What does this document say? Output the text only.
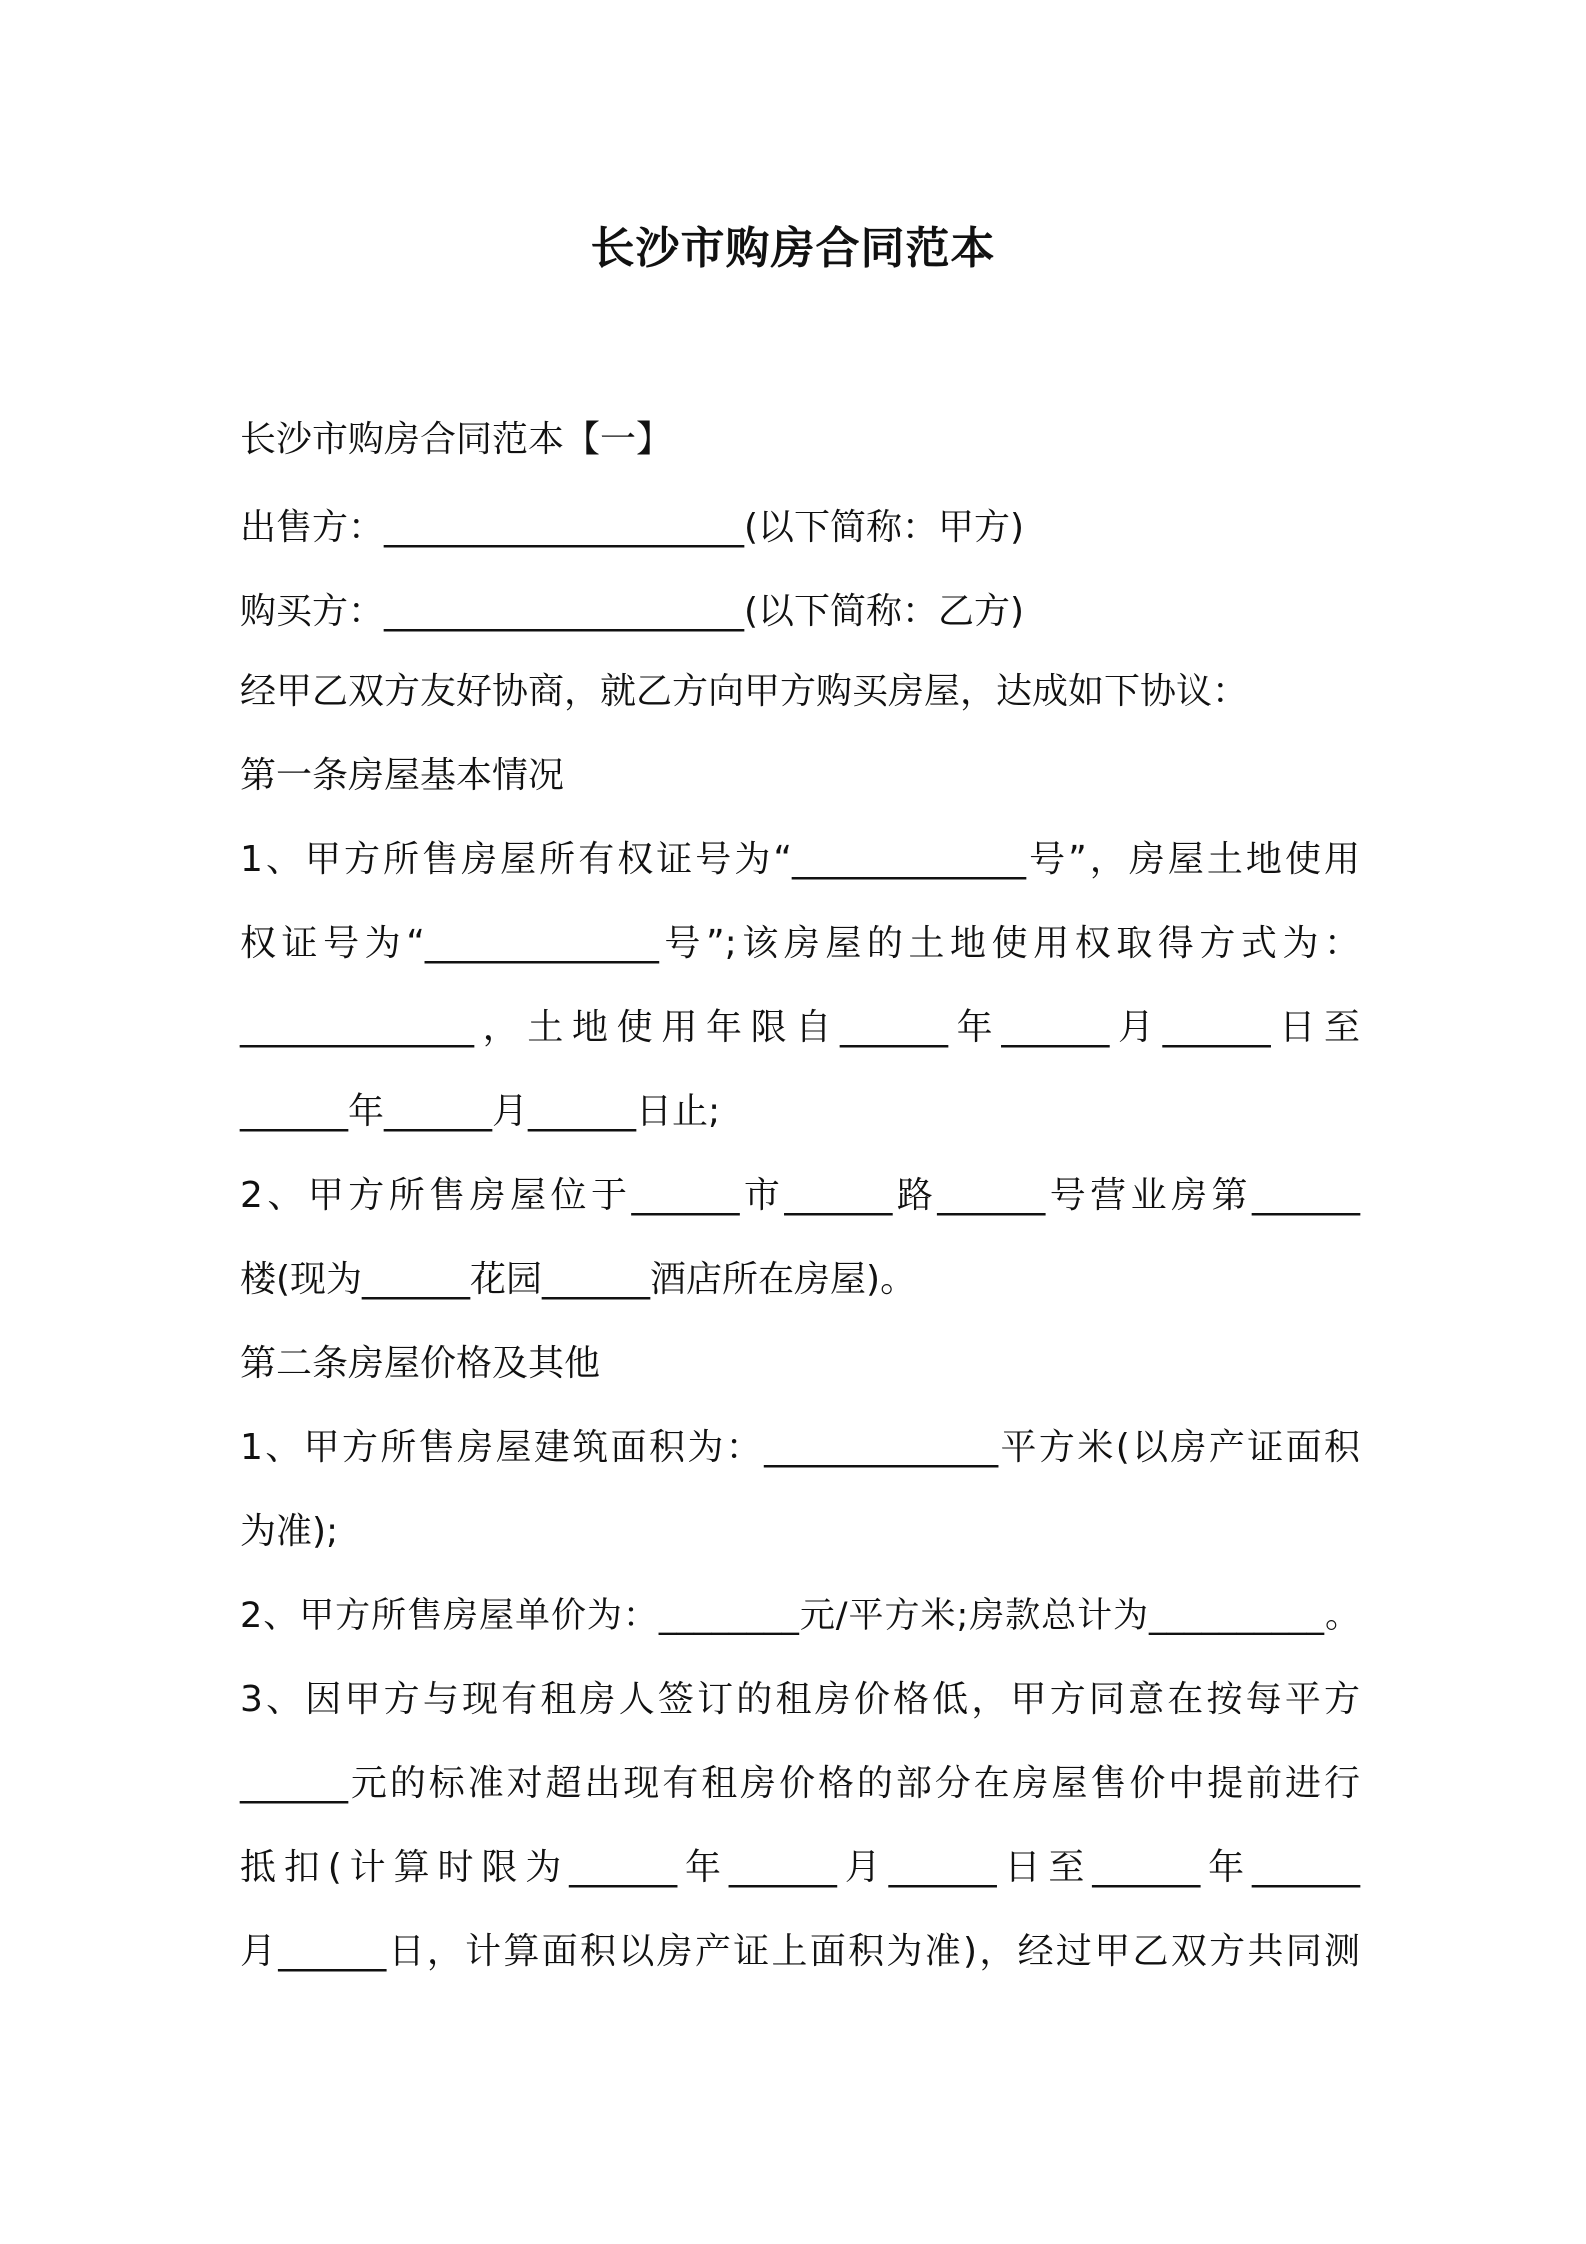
长沙市购房合同范本
长沙市购房合同范本【一】
出售方：____________________(以下简称：甲方)
购买方：____________________(以下简称：乙方)
经甲乙双方友好协商，就乙方向甲方购买房屋，达成如下协议：
第一条房屋基本情况
1、甲方所售房屋所有权证号为“_____________号”，房屋土地使用
权证号为“_____________号”;该房屋的土地使用权取得方式为：
_____________，土地使用年限自______年______月______日至
______年______月______日止;
2、甲方所售房屋位于______市______路______号营业房第______
楼(现为______花园______酒店所在房屋)。
第二条房屋价格及其他
1、甲方所售房屋建筑面积为：_____________平方米(以房产证面积
为准);
2、甲方所售房屋单价为：________元/平方米;房款总计为__________。
3、因甲方与现有租房人签订的租房价格低，甲方同意在按每平方
______元的标准对超出现有租房价格的部分在房屋售价中提前进行
抵扣(计算时限为______年______月______日至______年______
月______日，计算面积以房产证上面积为准)，经过甲乙双方共同测
